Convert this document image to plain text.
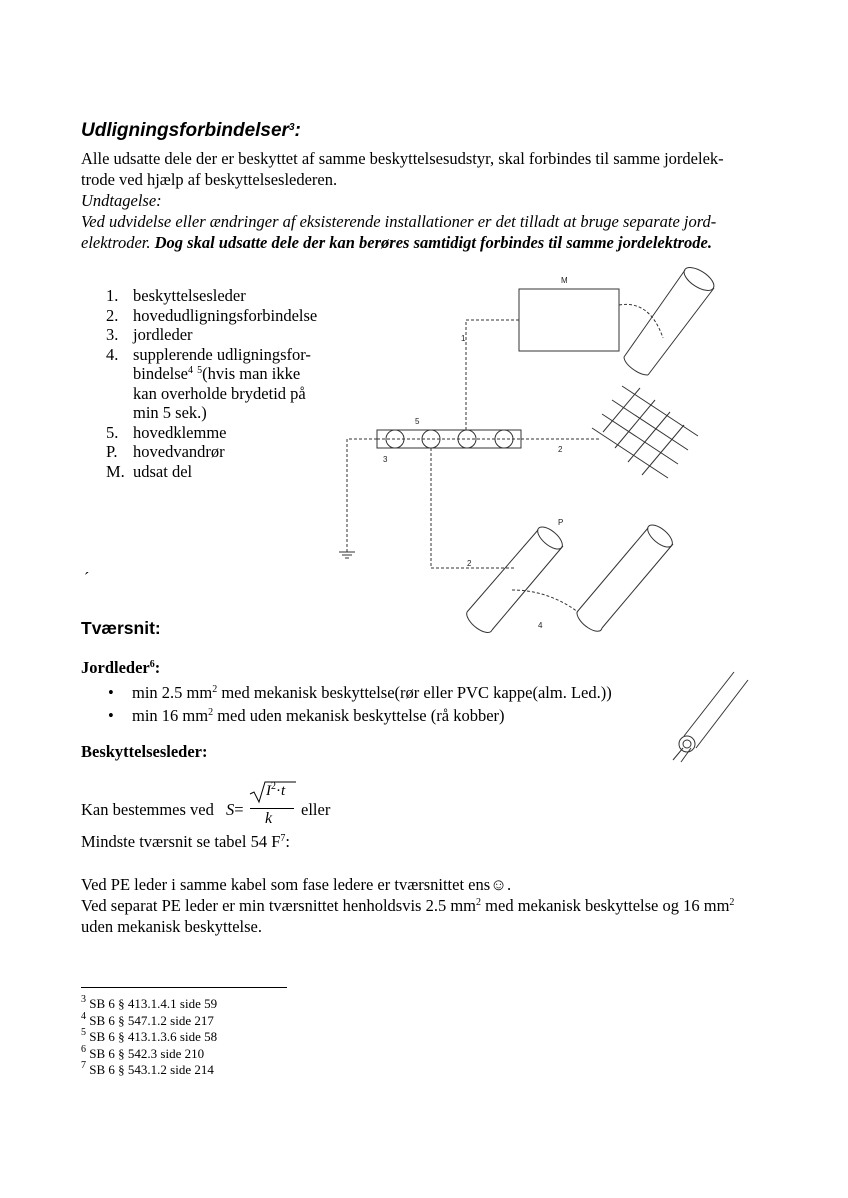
Udligningsforbindelser$^3$:
Alle udsatte dele der er beskyttet af samme beskyttelsesudstyr, skal forbindes til samme jordelek-
trode ved hjælp af beskyttelseslederen.
Undtagelse:
Ved udvidelse eller ændringer af eksisterende installationer er det tilladt at bruge separate jord-
elektroder. Dog skal udsatte dele der kan berøres samtidigt forbindes til samme jordelektrode.
1. beskyttelsesleder
2. hovedudligningsforbindelse
3. jordleder
4. supplerende udligningsfor-
bindelse$^4$ $^5$(hvis man ikke
kan overholde brydetid på
min 5 sek.)
5. hovedklemme
P. hovedvandrør
M. udsat del
´
M
1
5
3
2
P
2
4
Tværsnit:
Jordleder$^6$:
• min 2.5 $mm^2$ med mekanisk beskyttelse(rør eller PVC kappe(alm. Led.))
• min 16 $mm^2$ med uden mekanisk beskyttelse (rå kobber)
Beskyttelsesleder:
Kan bestemmes ved S=
$I^2\cdot t$
k eller
Mindste tværsnit se tabel 54 $F^7$:
Ved PE leder i samme kabel som fase ledere er tværsnittet ens☺.
Ved separat PE leder er min tværsnittet henholdsvis 2.5 $mm^2$ med mekanisk beskyttelse og 16 $mm^2$
uden mekanisk beskyttelse.
$^3$ SB 6 § 413.1.4.1 side 59
$^4$ SB 6 § 547.1.2 side 217
$^5$ SB 6 § 413.1.3.6 side 58
$^6$ SB 6 § 542.3 side 210
$^7$ SB 6 § 543.1.2 side 214
